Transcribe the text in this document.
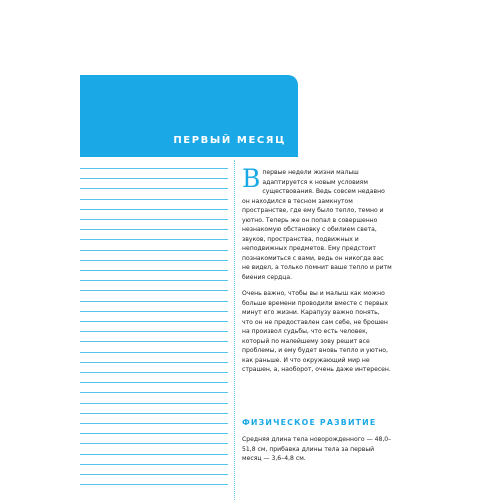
ПЕРВЫЙ МЕСЯЦ

Впервые недели жизни малыш адаптируется к новым условиям существования. Ведь совсем недавно он находился в тесном замкнутом пространстве, где ему было тепло, темно и уютно. Теперь же он попал в совершенно незнакомую обстановку с обилием света, звуков, пространства, подвижных и неподвижных предметов. Ему предстоит познакомиться с вами, ведь он никогда вас не видел, а только помнит ваше тепло и ритм биения сердца.

Очень важно, чтобы вы и малыш как можно больше времени проводили вместе с первых минут его жизни. Карапузу важно понять, что он не предоставлен сам себе, не брошен на произвол судьбы, что есть человек, который по малейшему зову решит все проблемы, и ему будет вновь тепло и уютно, как раньше. И что окружающий мир не страшен, а, наоборот, очень даже интересен.

ФИЗИЧЕСКОЕ РАЗВИТИЕ

Средняя длина тела новорожденного — 48,0–51,8 см, прибавка длины тела за первый месяц — 3,6–4,8 см.
